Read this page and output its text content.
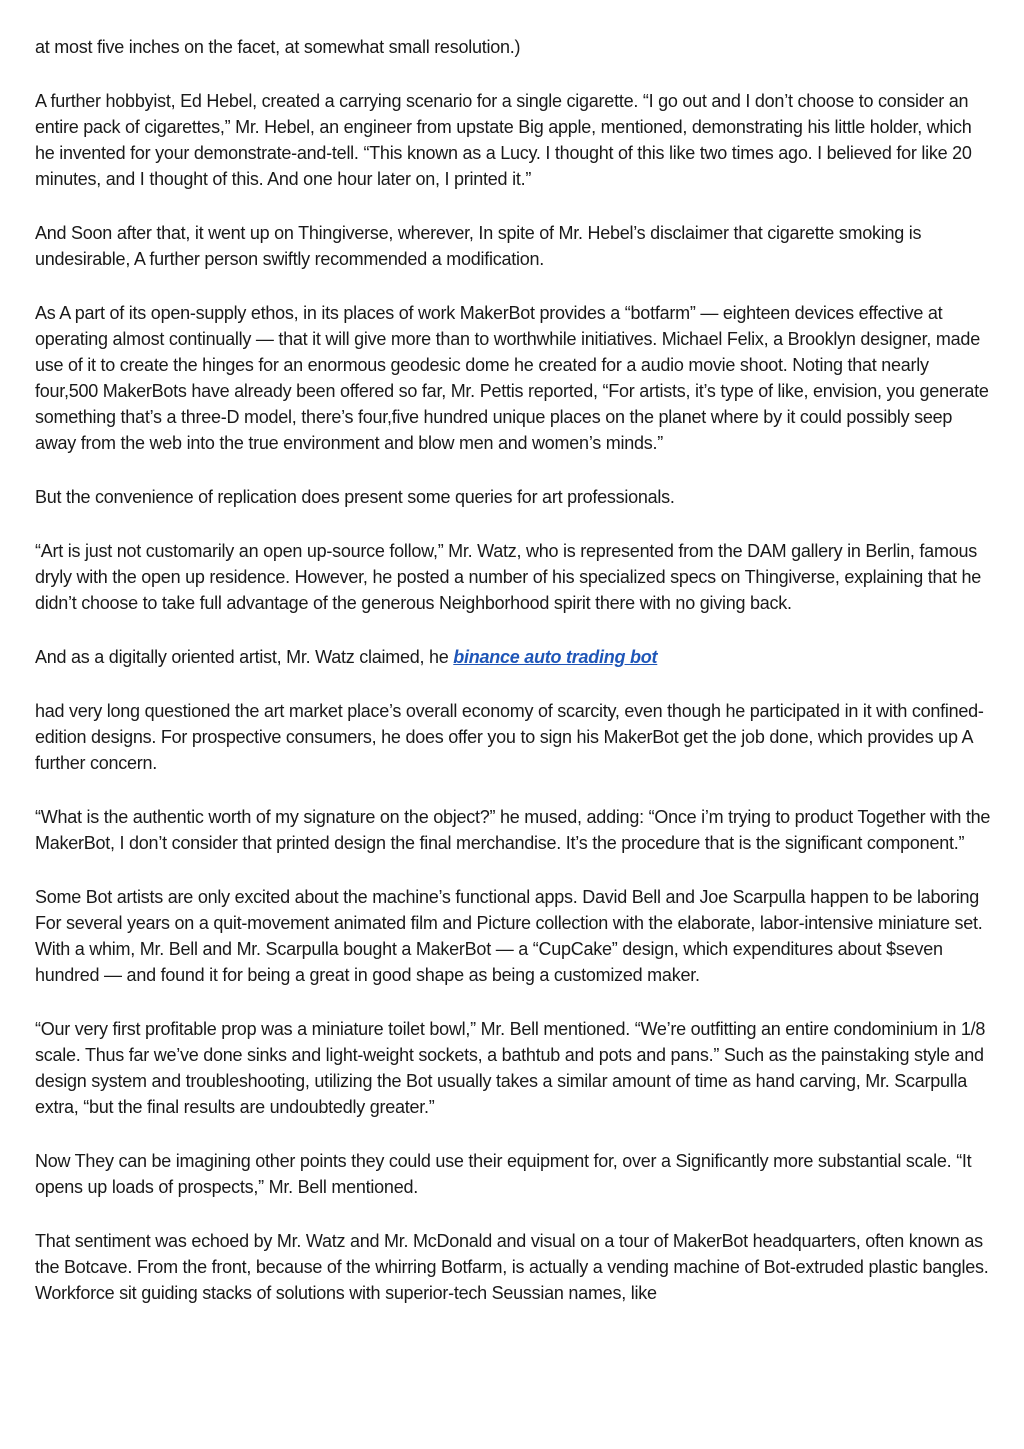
at most five inches on the facet, at somewhat small resolution.)

A further hobbyist, Ed Hebel, created a carrying scenario for a single cigarette. “I go out and I don’t choose to consider an entire pack of cigarettes,” Mr. Hebel, an engineer from upstate Big apple, mentioned, demonstrating his little holder, which he invented for your demonstrate-and-tell. “This known as a Lucy. I thought of this like two times ago. I believed for like 20 minutes, and I thought of this. And one hour later on, I printed it.”

And Soon after that, it went up on Thingiverse, wherever, In spite of Mr. Hebel’s disclaimer that cigarette smoking is undesirable, A further person swiftly recommended a modification.

As A part of its open-supply ethos, in its places of work MakerBot provides a “botfarm” — eighteen devices effective at operating almost continually — that it will give more than to worthwhile initiatives. Michael Felix, a Brooklyn designer, made use of it to create the hinges for an enormous geodesic dome he created for a audio movie shoot. Noting that nearly four,500 MakerBots have already been offered so far, Mr. Pettis reported, “For artists, it’s type of like, envision, you generate something that’s a three-D model, there’s four,five hundred unique places on the planet where by it could possibly seep away from the web into the true environment and blow men and women’s minds.”

But the convenience of replication does present some queries for art professionals.

“Art is just not customarily an open up-source follow,” Mr. Watz, who is represented from the DAM gallery in Berlin, famous dryly with the open up residence. However, he posted a number of his specialized specs on Thingiverse, explaining that he didn’t choose to take full advantage of the generous Neighborhood spirit there with no giving back.

And as a digitally oriented artist, Mr. Watz claimed, he binance auto trading bot

had very long questioned the art market place’s overall economy of scarcity, even though he participated in it with confined-edition designs. For prospective consumers, he does offer you to sign his MakerBot get the job done, which provides up A further concern.

“What is the authentic worth of my signature on the object?” he mused, adding: “Once i’m trying to product Together with the MakerBot, I don’t consider that printed design the final merchandise. It’s the procedure that is the significant component.”

Some Bot artists are only excited about the machine’s functional apps. David Bell and Joe Scarpulla happen to be laboring For several years on a quit-movement animated film and Picture collection with the elaborate, labor-intensive miniature set. With a whim, Mr. Bell and Mr. Scarpulla bought a MakerBot — a “CupCake” design, which expenditures about $seven hundred — and found it for being a great in good shape as being a customized maker.

“Our very first profitable prop was a miniature toilet bowl,” Mr. Bell mentioned. “We’re outfitting an entire condominium in 1/8 scale. Thus far we’ve done sinks and light-weight sockets, a bathtub and pots and pans.” Such as the painstaking style and design system and troubleshooting, utilizing the Bot usually takes a similar amount of time as hand carving, Mr. Scarpulla extra, “but the final results are undoubtedly greater.”

Now They can be imagining other points they could use their equipment for, over a Significantly more substantial scale. “It opens up loads of prospects,” Mr. Bell mentioned.

That sentiment was echoed by Mr. Watz and Mr. McDonald and visual on a tour of MakerBot headquarters, often known as the Botcave. From the front, because of the whirring Botfarm, is actually a vending machine of Bot-extruded plastic bangles. Workforce sit guiding stacks of solutions with superior-tech Seussian names, like
